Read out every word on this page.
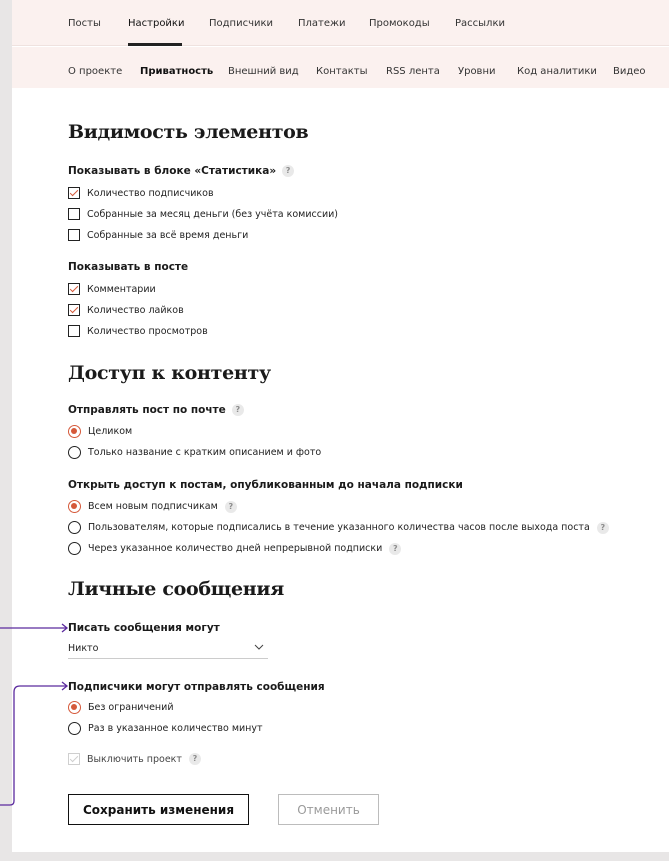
Посты	Настройки Подписчики Платежи Промокоды	Рассылки
О проекте Приватность Внешний вид Контакты RSS лента Уровни Код аналитики Видео
Видимость элементов
Показывать в блоке «Статистика»	?
Количество подписчиков
Собранные за месяц деньги (без учёта комиссии)
Собранные за всё время деньги
Показывать в посте
Комментарии
Количество лайков
Количество просмотров
Доступ к контенту
Отправлять пост по почте	?
Целиком
Только название с кратким описанием и фото
Открыть доступ к постам, опубликованным до начала подписки
Всем новым подписчикам	?
Пользователям, которые подписались в течение указанного количества часов после выхода поста	?
Через указанное количество дней непрерывной подписки	?
Личные сообщения
Писать сообщения могут
Никто
Подписчики могут отправлять сообщения
Без ограничений
Раз в указанное количество минут
Выключить проект	?
Сохранить изменения	Отменить
